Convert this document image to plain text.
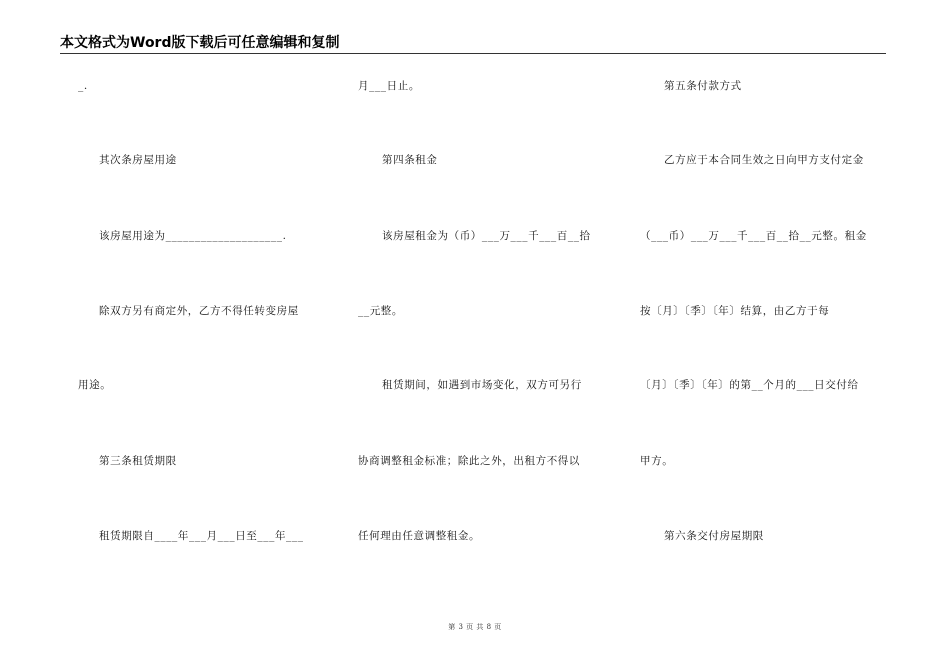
本文格式为Word版下载后可任意编辑和复制
_.
其次条房屋用途
该房屋用途为____________________.
除双方另有商定外，乙方不得任转变房屋
用途。
第三条租赁期限
租赁期限自____年___月___日至___年___
月___日止。
第四条租金
该房屋租金为（币）___万___千___百__拾
__元整。
租赁期间，如遇到市场变化，双方可另行
协商调整租金标准；除此之外，出租方不得以
任何理由任意调整租金。
第五条付款方式
乙方应于本合同生效之日向甲方支付定金
（___币）___万___千___百__拾__元整。租金
按〔月〕〔季〕〔年〕结算，由乙方于每
〔月〕〔季〕〔年〕的第__个月的___日交付给
甲方。
第六条交付房屋期限
第 3 页 共 8 页
